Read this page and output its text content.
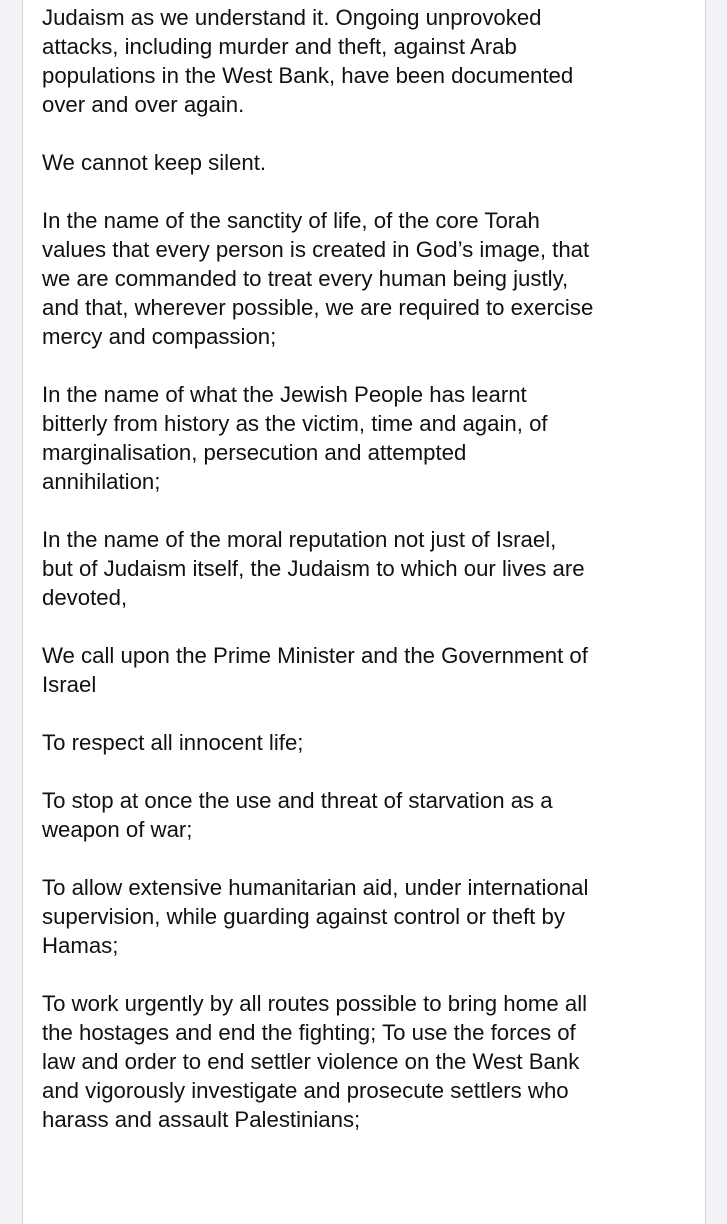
Judaism as we understand it. Ongoing unprovoked
attacks, including murder and theft, against Arab
populations in the West Bank, have been documented
over and over again.

We cannot keep silent.

In the name of the sanctity of life, of the core Torah
values that every person is created in God’s image, that
we are commanded to treat every human being justly,
and that, wherever possible, we are required to exercise
mercy and compassion;

In the name of what the Jewish People has learnt
bitterly from history as the victim, time and again, of
marginalisation, persecution and attempted
annihilation;

In the name of the moral reputation not just of Israel,
but of Judaism itself, the Judaism to which our lives are
devoted,

We call upon the Prime Minister and the Government of
Israel

To respect all innocent life;

To stop at once the use and threat of starvation as a
weapon of war;

To allow extensive humanitarian aid, under international
supervision, while guarding against control or theft by
Hamas;

To work urgently by all routes possible to bring home all
the hostages and end the fighting; To use the forces of
law and order to end settler violence on the West Bank
and vigorously investigate and prosecute settlers who
harass and assault Palestinians;
